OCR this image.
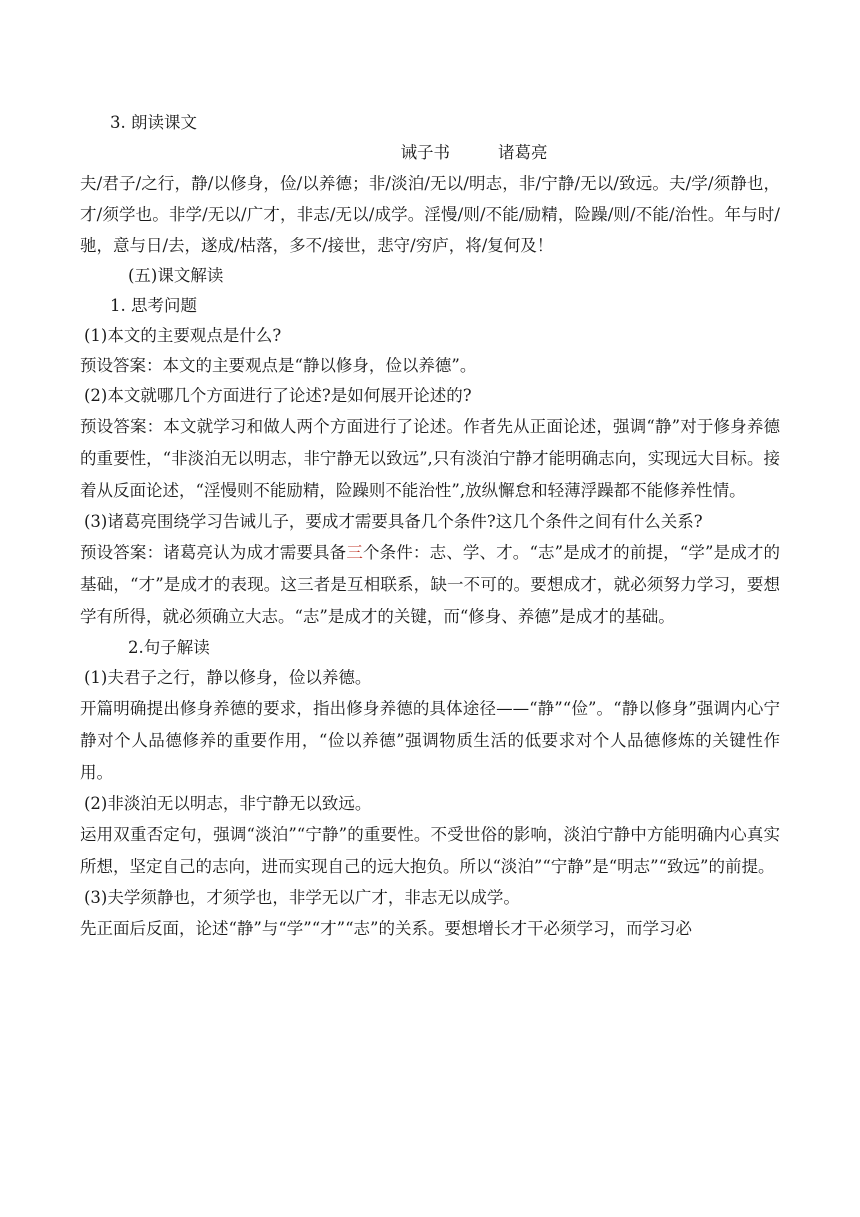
3. 朗读课文

诫子书	诸葛亮

夫/君子/之行，静/以修身，俭/以养德；非/淡泊/无以/明志，非/宁静/无以/致远。夫/学/须静也，才/须学也。非学/无以/广才，非志/无以/成学。淫慢/则/不能/励精，险躁/则/不能/治性。年与时/驰，意与日/去，遂成/枯落，多不/接世，悲守/穷庐，将/复何及！

(五)课文解读

1. 思考问题

(1)本文的主要观点是什么?

预设答案：本文的主要观点是“静以修身，俭以养德”。

(2)本文就哪几个方面进行了论述?是如何展开论述的?

预设答案：本文就学习和做人两个方面进行了论述。作者先从正面论述，强调“静”对于修身养德的重要性，“非淡泊无以明志，非宁静无以致远”,只有淡泊宁静才能明确志向，实现远大目标。接着从反面论述，“淫慢则不能励精，险躁则不能治性”,放纵懈怠和轻薄浮躁都不能修养性情。

(3)诸葛亮围绕学习告诫儿子，要成才需要具备几个条件?这几个条件之间有什么关系?

预设答案：诸葛亮认为成才需要具备三个条件：志、学、才。“志”是成才的前提，“学”是成才的基础，“才”是成才的表现。这三者是互相联系，缺一不可的。要想成才，就必须努力学习，要想学有所得，就必须确立大志。“志”是成才的关键，而“修身、养德”是成才的基础。

2.句子解读

(1)夫君子之行，静以修身，俭以养德。

开篇明确提出修身养德的要求，指出修身养德的具体途径——“静”“俭”。“静以修身”强调内心宁静对个人品德修养的重要作用，“俭以养德”强调物质生活的低要求对个人品德修炼的关键性作用。

(2)非淡泊无以明志，非宁静无以致远。

运用双重否定句，强调“淡泊”“宁静”的重要性。不受世俗的影响，淡泊宁静中方能明确内心真实所想，坚定自己的志向，进而实现自己的远大抱负。所以“淡泊”“宁静”是“明志”“致远”的前提。

(3)夫学须静也，才须学也，非学无以广才，非志无以成学。

先正面后反面，论述“静”与“学”“才”“志”的关系。要想增长才干必须学习，而学习必
